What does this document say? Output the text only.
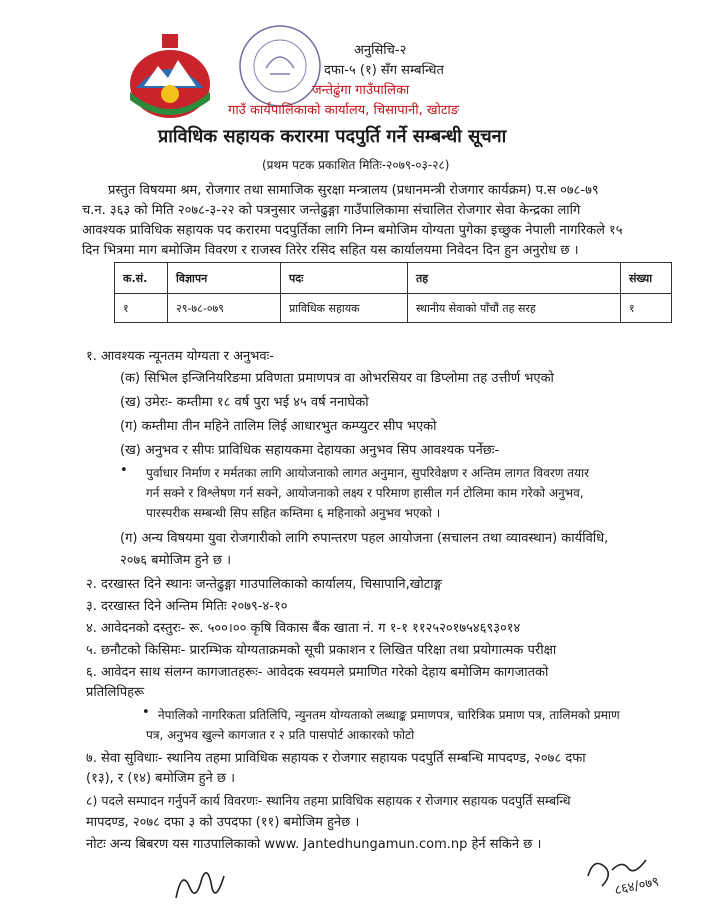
अनुसिचि-२
दफा-५ (१) सँग सम्बन्धित
जन्तेढुंगा गाउँपालिका
गाउँ कार्यपालिकाको कार्यालय, चिसापानी, खोटाङ
प्राविधिक सहायक करारमा पदपुर्ति गर्ने सम्बन्धी सूचना
(प्रथम पटक प्रकाशित मितिः-२०७९-०३-२८)
प्रस्तुत विषयमा श्रम, रोजगार तथा सामाजिक सुरक्षा मन्त्रालय (प्रधानमन्त्री रोजगार कार्यक्रम) प.स ०७८-७९
च.न. ३६३ को मिति २०७८-३-२२ को पत्रनुसार जन्तेढुङ्गा गाउँपालिकामा संचालित रोजगार सेवा केन्द्रका लागि
आवश्यक प्राविधिक सहायक पद करारमा पदपुर्तिका लागि निम्न बमोजिम योग्यता पुगेका इच्छुक नेपाली नागरिकले १५
दिन भित्रमा माग बमोजिम विवरण र राजस्व तिरेर रसिद सहित यस कार्यालयमा निवेदन दिन हुन अनुरोध छ ।
क.सं.	विज्ञापन	पदः	तह	संख्या
१	२९-७८-०७९	प्राविधिक सहायक	स्थानीय सेवाको पाँचौं तह सरह	१
१. आवश्यक न्यूनतम योग्यता र अनुभवः-
(क) सिभिल इन्जिनियरिङमा प्रविणता प्रमाणपत्र वा ओभरसियर वा डिप्लोमा तह उत्तीर्ण भएको
(ख) उमेरः- कम्तीमा १८ वर्ष पुरा भई ४५ वर्ष ननाघेको
(ग) कम्तीमा तीन महिने तालिम लिई आधारभुत कम्प्युटर सीप भएको
(ख) अनुभव र सीपः प्राविधिक सहायकमा देहायका अनुभव सिप आवश्यक पर्नेछः-
• पुर्वाधार निर्माण र मर्मतका लागि आयोजनाको लागत अनुमान, सुपरिवेक्षण र अन्तिम लागत विवरण तयार
गर्न सक्ने र विश्लेषण गर्न सक्ने, आयोजनाको लक्ष्य र परिमाण हासील गर्न टोलिमा काम गरेको अनुभव,
पारस्परीक सम्बन्धी सिप सहित कम्तिमा ६ महिनाको अनुभव भएको ।
(ग) अन्य विषयमा युवा रोजगारीको लागि रुपान्तरण पहल आयोजना (सचालन तथा व्यावस्थान) कार्यविधि,
२०७६ बमोजिम हुने छ ।
२. दरखास्त दिने स्थानः जन्तेढुङ्गा गाउपालिकाको कार्यालय, चिसापानि,खोटाङ्ग
३. दरखास्त दिने अन्तिम मितिः २०७९-४-१०
४. आवेदनको दस्तुरः- रू. ५००।०० कृषि विकास बैंक खाता नं. ग १-१ ११२५२०१७५४६९३०१४
५. छनौटको किसिमः- प्रारम्भिक योग्यताक्रमको सूची प्रकाशन र लिखित परिक्षा तथा प्रयोगात्मक परीक्षा
६. आवेदन साथ संलग्न कागजातहरूः- आवेदक स्वयमले प्रमाणित गरेको देहाय बमोजिम कागजातको
प्रतिलिपिहरू
• नेपालिको नागरिकता प्रतिलिपि, न्युनतम योग्यताको लब्धाङ्क प्रमाणपत्र, चारित्रिक प्रमाण पत्र, तालिमको प्रमाण
पत्र, अनुभव खुल्ने कागजात र २ प्रति पासपोर्ट आकारको फोटो
७. सेवा सुविधाः- स्थानिय तहमा प्राविधिक सहायक र रोजगार सहायक पदपुर्ति सम्बन्धि मापदण्ड, २०७८ दफा
(१३), र (१४) बमोजिम हुने छ ।
८) पदले सम्पादन गर्नुपर्ने कार्य विवरणः- स्थानिय तहमा प्राविधिक सहायक र रोजगार सहायक पदपुर्ति सम्बन्धि
मापदण्ड, २०७८ दफा ३ को उपदफा (११) बमोजिम हुनेछ ।
नोटः अन्य बिबरण यस गाउपालिकाको www. Jantedhungamun.com.np हेर्न सकिने छ ।
८६४/०७९
